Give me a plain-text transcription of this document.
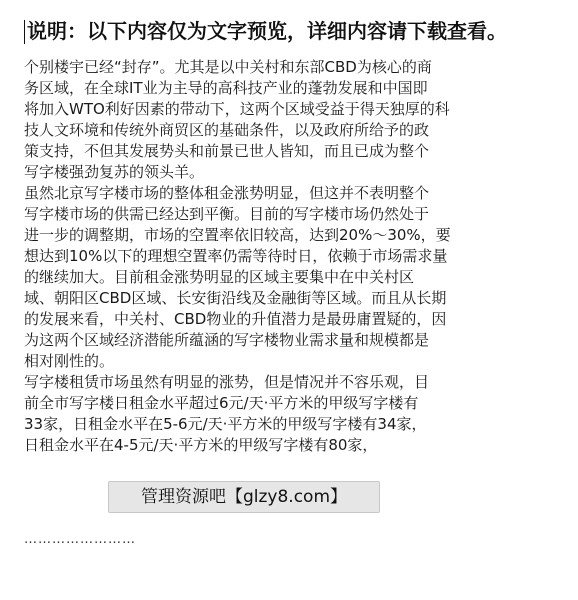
说明：以下内容仅为文字预览，详细内容请下载查看。
个别楼宇已经“封存”。尤其是以中关村和东部CBD为核心的商
务区域，在全球IT业为主导的高科技产业的蓬勃发展和中国即
将加入WTO利好因素的带动下，这两个区域受益于得天独厚的科
技人文环境和传统外商贸区的基础条件，以及政府所给予的政
策支持，不但其发展势头和前景已世人皆知，而且已成为整个
写字楼强劲复苏的领头羊。
虽然北京写字楼市场的整体租金涨势明显，但这并不表明整个
写字楼市场的供需已经达到平衡。目前的写字楼市场仍然处于
进一步的调整期，市场的空置率依旧较高，达到20%～30%，要
想达到10%以下的理想空置率仍需等待时日，依赖于市场需求量
的继续加大。目前租金涨势明显的区域主要集中在中关村区
域、朝阳区CBD区域、长安街沿线及金融街等区域。而且从长期
的发展来看，中关村、CBD物业的升值潜力是最毋庸置疑的，因
为这两个区域经济潜能所蕴涵的写字楼物业需求量和规模都是
相对刚性的。
写字楼租赁市场虽然有明显的涨势，但是情况并不容乐观，目
前全市写字楼日租金水平超过6元/天·平方米的甲级写字楼有
33家，日租金水平在5-6元/天·平方米的甲级写字楼有34家，
日租金水平在4-5元/天·平方米的甲级写字楼有80家，
……………………
管理资源吧【glzy8.com】
